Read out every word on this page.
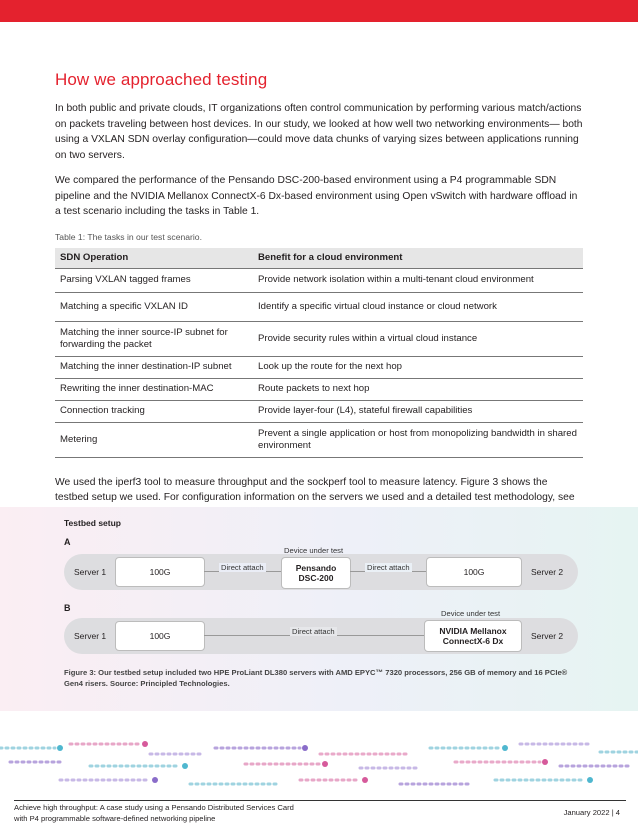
How we approached testing

In both public and private clouds, IT organizations often control communication by performing various match/actions on packets traveling between host devices. In our study, we looked at how well two networking environments— both using a VXLAN SDN overlay configuration—could move data chunks of varying sizes between applications running on two servers.

We compared the performance of the Pensando DSC-200-based environment using a P4 programmable SDN pipeline and the NVIDIA Mellanox ConnectX-6 Dx-based environment using Open vSwitch with hardware offload in a test scenario including the tasks in Table 1.

Table 1: The tasks in our test scenario.
SDN Operation	Benefit for a cloud environment
Parsing VXLAN tagged frames	Provide network isolation within a multi-tenant cloud environment
Matching a specific VXLAN ID	Identify a specific virtual cloud instance or cloud network
Matching the inner source-IP subnet for forwarding the packet	Provide security rules within a virtual cloud instance
Matching the inner destination-IP subnet	Look up the route for the next hop
Rewriting the inner destination-MAC	Route packets to next hop
Connection tracking	Provide layer-four (L4), stateful firewall capabilities
Metering	Prevent a single application or host from monopolizing bandwidth in shared environment

We used the iperf3 tool to measure throughput and the sockperf tool to measure latency. Figure 3 shows the testbed setup we used. For configuration information on the servers we used and a detailed test methodology, see

Testbed setup
A
Server 1	100G	Direct attach
Device under test
Pensando
DSC-200
Direct attach	100G	Server 2
B
Server 1	100G	Direct attach
Device under test
NVIDIA Mellanox
ConnectX-6 Dx	Server 2
Figure 3: Our testbed setup included two HPE ProLiant DL380 servers with AMD EPYC™ 7320 processors, 256 GB of memory and 16 PCIe® Gen4 risers. Source: Principled Technologies.
Achieve high throughput: A case study using a Pensando Distributed Services Card
with P4 programmable software-defined networking pipeline
January 2022 | 4
